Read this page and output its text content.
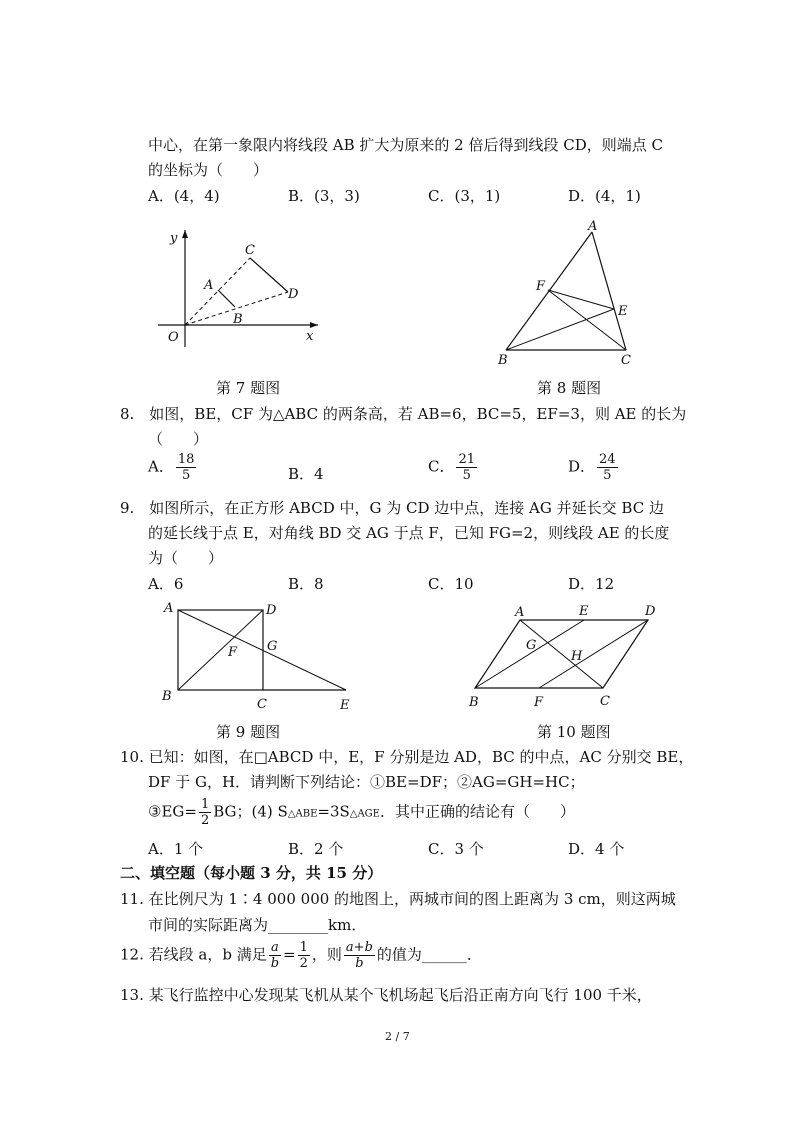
中心，在第一象限内将线段 AB 扩大为原来的 2 倍后得到线段 CD，则端点 C
的坐标为（　　）
A．(4，4)	B．(3，3)	C．(3，1)	D．(4，1)
y
x
O
A
B
C
D
第 7 题图
A
F
E
B	C
第 8 题图
8.　如图，BE，CF 为△ABC 的两条高，若 AB=6，BC=5，EF=3，则 AE 的长为
（　　）
A． $\frac{18}{5}$	B．4	C． $\frac{21}{5}$	D． $\frac{24}{5}$
9.　如图所示，在正方形 ABCD 中，G 为 CD 边中点，连接 AG 并延长交 BC 边
的延长线于点 E，对角线 BD 交 AG 于点 F，已知 FG=2，则线段 AE 的长度
为（　　）
A．6	B．8	C．10	D．12
A	D
G
F
B
C	E
第 9 题图
A	E	D
G
H
B	F	C
第 10 题图
10. 已知：如图，在□ABCD 中，E，F 分别是边 AD，BC 的中点，AC 分别交 BE，
DF 于 G，H．请判断下列结论：①BE=DF；②AG=GH=HC；
③EG= $\frac{1}{2}$ BG；(4) S△ABE=3S△AGE．其中正确的结论有（　　）
A．1 个	B．2 个	C．3 个	D．4 个
二、填空题（每小题 3 分，共 15 分）
11. 在比例尺为 1∶4 000 000 的地图上，两城市间的图上距离为 3 cm，则这两城
市间的实际距离为________km．
12. 若线段 a，b 满足 $\frac{a}{b} = \frac{1}{2}$ ，则 $\frac{a+b}{b}$ 的值为______．
13. 某飞行监控中心发现某飞机从某个飞机场起飞后沿正南方向飞行 100 千米，
2 / 7
